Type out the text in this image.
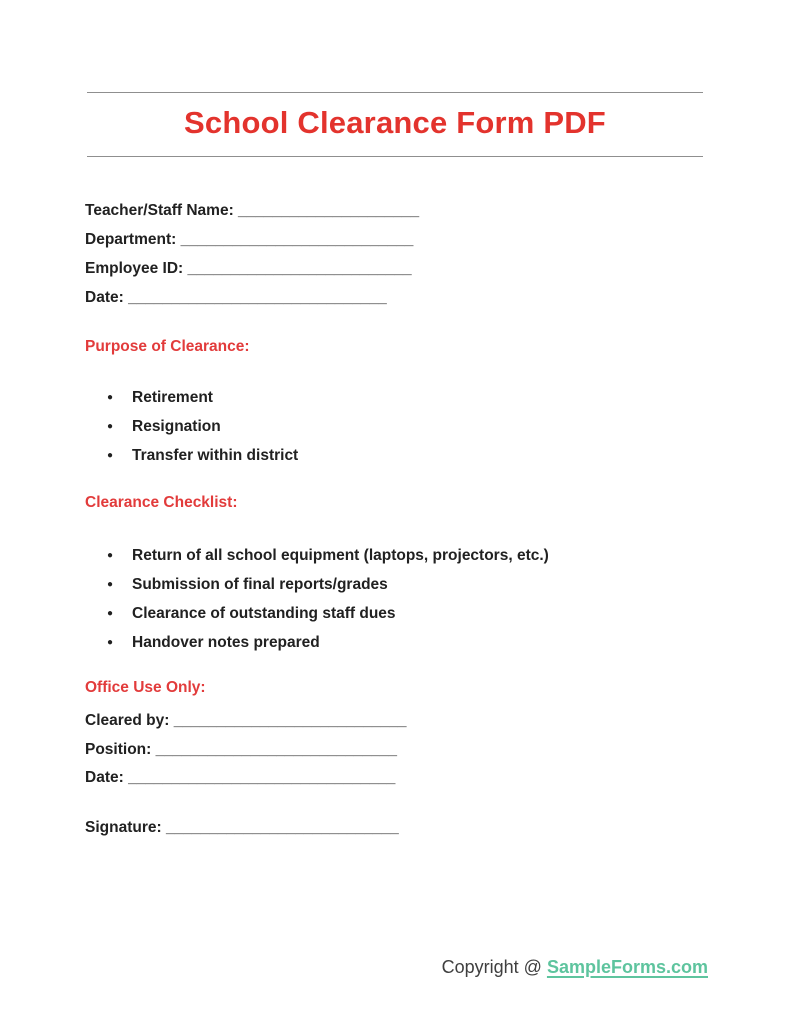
School Clearance Form PDF
Teacher/Staff Name: _____________________
Department: ___________________________
Employee ID: __________________________
Date: ______________________________
Purpose of Clearance:
● Retirement
● Resignation
● Transfer within district
Clearance Checklist:
● Return of all school equipment (laptops, projectors, etc.)
● Submission of final reports/grades
● Clearance of outstanding staff dues
● Handover notes prepared
Office Use Only:
Cleared by: ___________________________
Position: ____________________________
Date: _______________________________
Signature: ___________________________
Copyright @ SampleForms.com
